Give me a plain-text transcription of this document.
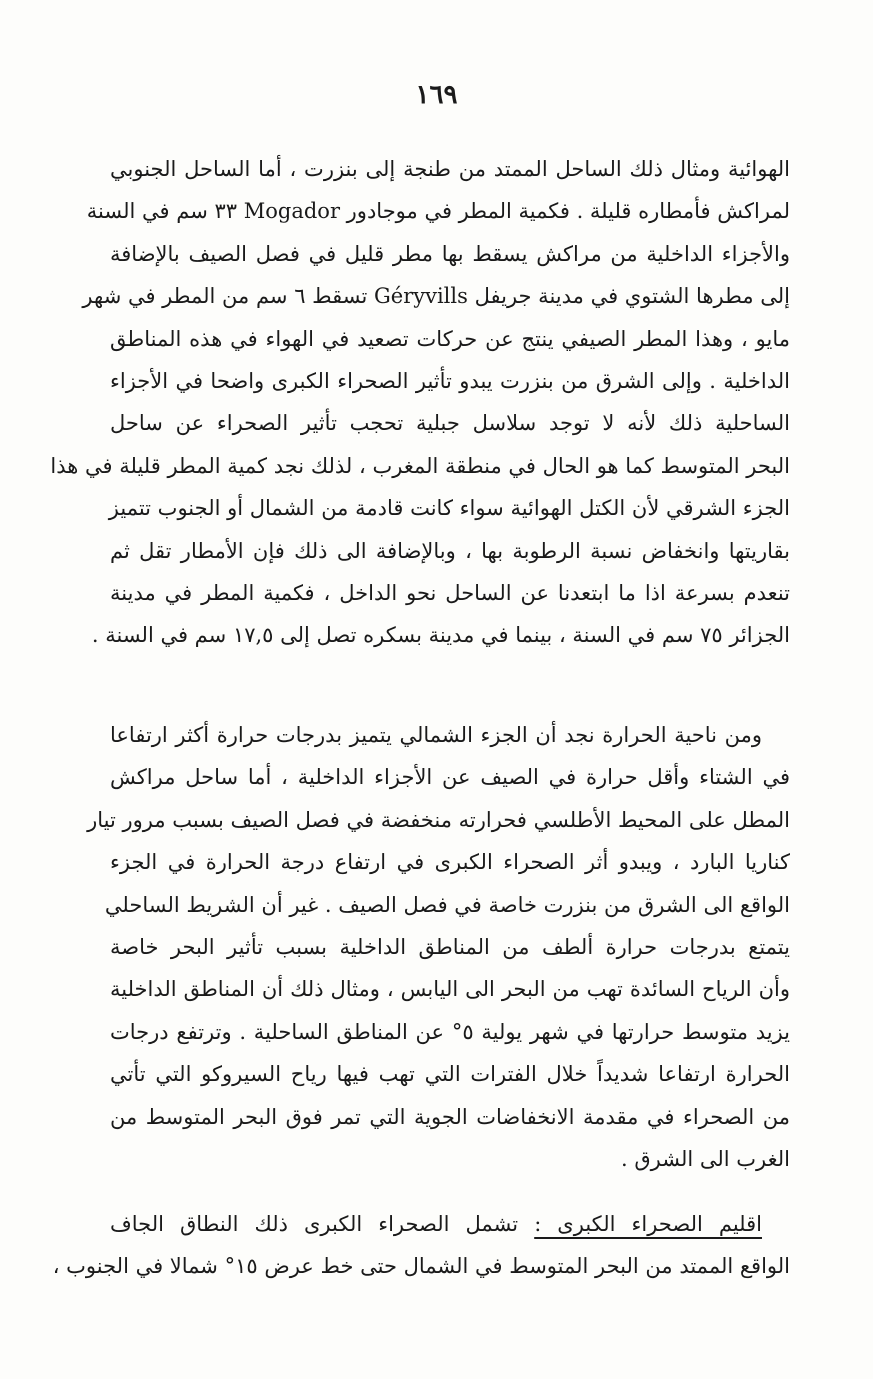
١٦٩
الهوائية ومثال ذلك الساحل الممتد من طنجة إلى بنزرت ، أما الساحل الجنوبي
لمراكش فأمطاره قليلة . فكمية المطر في موجادور Mogador ٣٣ سم في السنة
والأجزاء الداخلية من مراكش يسقط بها مطر قليل في فصل الصيف بالإضافة
إلى مطرها الشتوي في مدينة جريفل Géryvills تسقط ٦ سم من المطر في شهر
مايو ، وهذا المطر الصيفي ينتج عن حركات تصعيد في الهواء في هذه المناطق
الداخلية . وإلى الشرق من بنزرت يبدو تأثير الصحراء الكبرى واضحا في الأجزاء
الساحلية ذلك لأنه لا توجد سلاسل جبلية تحجب تأثير الصحراء عن ساحل
البحر المتوسط كما هو الحال في منطقة المغرب ، لذلك نجد كمية المطر قليلة في هذا
الجزء الشرقي لأن الكتل الهوائية سواء كانت قادمة من الشمال أو الجنوب تتميز
بقاريتها وانخفاض نسبة الرطوبة بها ، وبالإضافة الى ذلك فإن الأمطار تقل ثم
تنعدم بسرعة اذا ما ابتعدنا عن الساحل نحو الداخل ، فكمية المطر في مدينة
الجزائر ٧٥ سم في السنة ، بينما في مدينة بسكره تصل إلى ١٧,٥ سم في السنة .
ومن ناحية الحرارة نجد أن الجزء الشمالي يتميز بدرجات حرارة أكثر ارتفاعا
في الشتاء وأقل حرارة في الصيف عن الأجزاء الداخلية ، أما ساحل مراكش
المطل على المحيط الأطلسي فحرارته منخفضة في فصل الصيف بسبب مرور تيار
كناريا البارد ، ويبدو أثر الصحراء الكبرى في ارتفاع درجة الحرارة في الجزء
الواقع الى الشرق من بنزرت خاصة في فصل الصيف . غير أن الشريط الساحلي
يتمتع بدرجات حرارة ألطف من المناطق الداخلية بسبب تأثير البحر خاصة
وأن الرياح السائدة تهب من البحر الى اليابس ، ومثال ذلك أن المناطق الداخلية
يزيد متوسط حرارتها في شهر يولية ٥° عن المناطق الساحلية . وترتفع درجات
الحرارة ارتفاعا شديداً خلال الفترات التي تهب فيها رياح السيروكو التي تأتي
من الصحراء في مقدمة الانخفاضات الجوية التي تمر فوق البحر المتوسط من
الغرب الى الشرق .
اقليم الصحراء الكبرى : تشمل الصحراء الكبرى ذلك النطاق الجاف
الواقع الممتد من البحر المتوسط في الشمال حتى خط عرض ١٥° شمالا في الجنوب ،
